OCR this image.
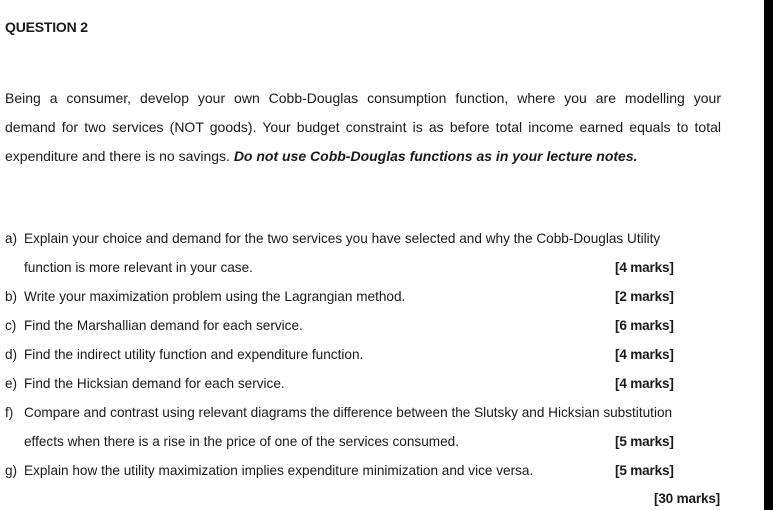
QUESTION 2
Being a consumer, develop your own Cobb-Douglas consumption function, where you are modelling your
demand for two services (NOT goods). Your budget constraint is as before total income earned equals to total
expenditure and there is no savings. Do not use Cobb-Douglas functions as in your lecture notes.
a) Explain your choice and demand for the two services you have selected and why the Cobb-Douglas Utility
function is more relevant in your case.	[4 marks]
b) Write your maximization problem using the Lagrangian method.	[2 marks]
c) Find the Marshallian demand for each service.	[6 marks]
d) Find the indirect utility function and expenditure function.	[4 marks]
e) Find the Hicksian demand for each service.	[4 marks]
f) Compare and contrast using relevant diagrams the difference between the Slutsky and Hicksian substitution
effects when there is a rise in the price of one of the services consumed.	[5 marks]
g) Explain how the utility maximization implies expenditure minimization and vice versa.	[5 marks]
[30 marks]
